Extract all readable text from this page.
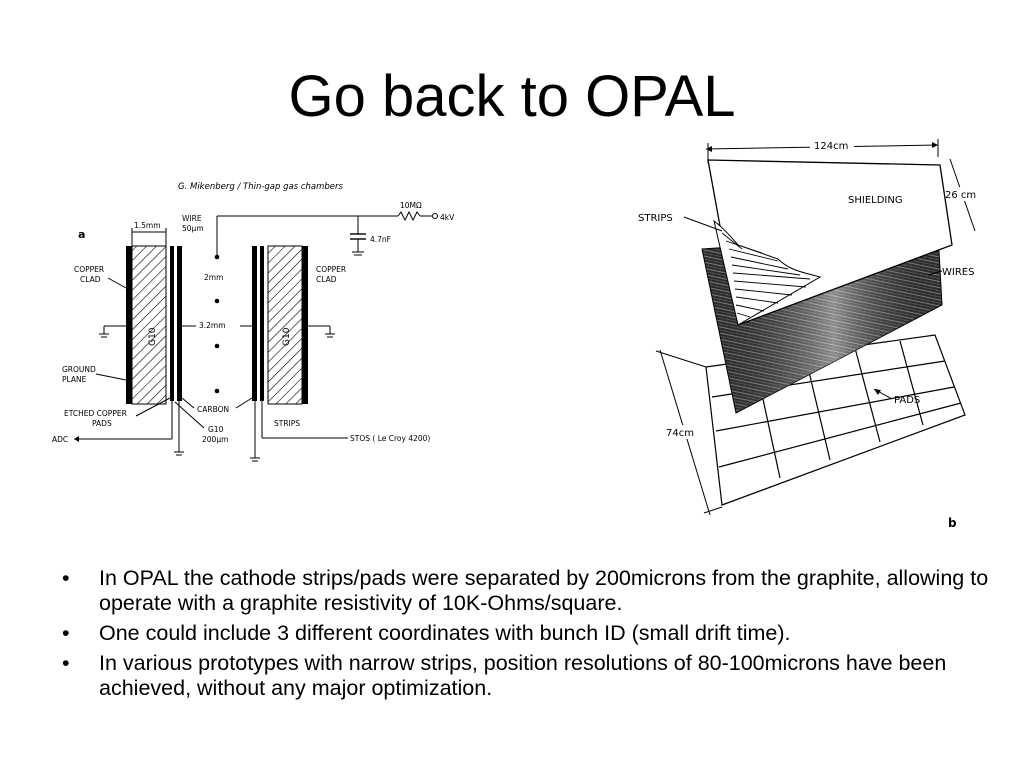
Go back to OPAL
G. Mikenberg / Thin-gap gas chambers
a
1.5mm
G10	G10
WIRE
50μm
10MΩ
4kV
4.7nF
2mm
3.2mm
COPPER
CLAD
COPPER
CLAD
GROUND
PLANE
ETCHED COPPER
PADS
ADC
CARBON
G10
200μm
STRIPS
STOS ( Le Croy 4200)
124cm
26 cm
SHIELDING
STRIPS
WIRES
PADS
74cm
b
• In OPAL the cathode strips/pads were separated by 200microns from the graphite, allowing to operate with a graphite resistivity of 10K-Ohms/square.
• One could include 3 different coordinates with bunch ID (small drift time).
• In various prototypes with narrow strips, position resolutions of 80-100microns have been achieved, without any major optimization.
